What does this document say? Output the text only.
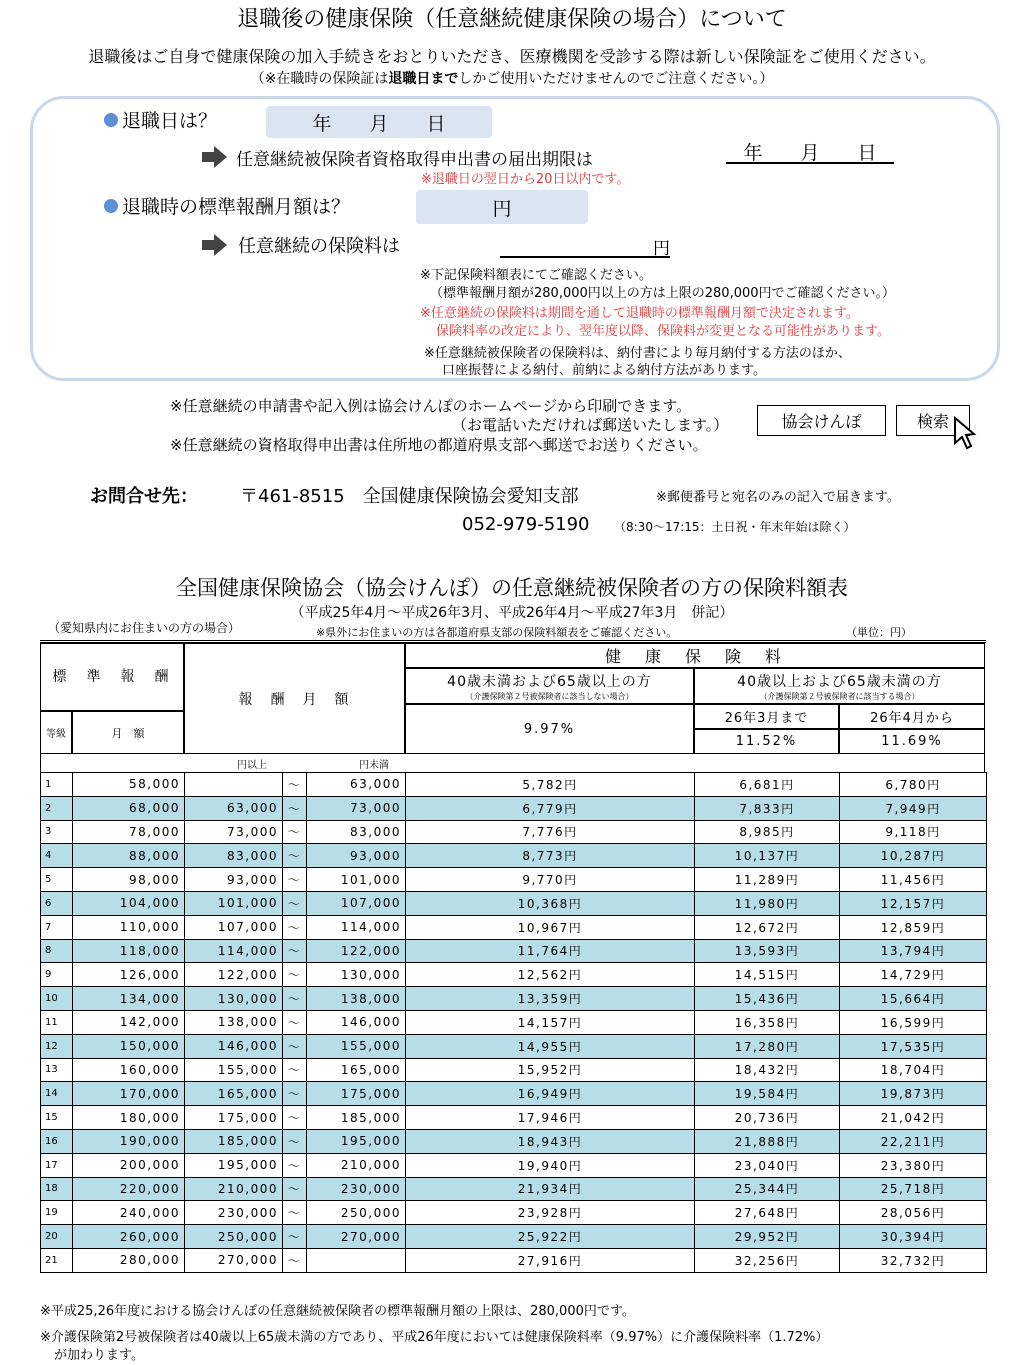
退職後の健康保険（任意継続健康保険の場合）について
退職後はご自身で健康保険の加入手続きをおとりいただき、医療機関を受診する際は新しい保険証をご使用ください。
（※在職時の保険証は退職日までしかご使用いただけませんのでご注意ください。）
退職日は？	年　　月　　日
任意継続被保険者資格取得申出書の届出期限は	年　　月　　日
※退職日の翌日から20日以内です。
退職時の標準報酬月額は？	円
任意継続の保険料は	円
※下記保険料額表にてご確認ください。
（標準報酬月額が280,000円以上の方は上限の280,000円でご確認ください。）
※任意継続の保険料は期間を通して退職時の標準報酬月額で決定されます。
保険料率の改定により、翌年度以降、保険料が変更となる可能性があります。
※任意継続被保険者の保険料は、納付書により毎月納付する方法のほか、
口座振替による納付、前納による納付方法があります。
※任意継続の申請書や記入例は協会けんぽのホームページから印刷できます。
（お電話いただければ郵送いたします。）
※任意継続の資格取得申出書は住所地の都道府県支部へ郵送でお送りください。
協会けんぽ	検索
お問合せ先： 〒461-8515　全国健康保険協会愛知支部	※郵便番号と宛名のみの記入で届きます。
052-979-5190 （8:30～17:15：土日祝・年末年始は除く）
全国健康保険協会（協会けんぽ）の任意継続被保険者の方の保険料額表
（平成25年4月～平成26年3月、平成26年4月～平成27年3月　併記）
（愛知県内にお住まいの方の場合）	※県外にお住まいの方は各都道府県支部の保険料額表をご確認ください。	（単位：円）
標　準　報　酬
等級	月　額
報　酬　月　額
健　康　保　険　料
40歳未満および65歳以上の方
（介護保険第２号被保険者に該当しない場合）
40歳以上および65歳未満の方
（介護保険第２号被保険者に該当する場合）
9.97%
26年3月まで	26年4月から
11.52%	11.69%
円以上	円未満
1	58,000		～	63,000	5,782円	6,681円	6,780円
2	68,000	63,000	～	73,000	6,779円	7,833円	7,949円
3	78,000	73,000	～	83,000	7,776円	8,985円	9,118円
4	88,000	83,000	～	93,000	8,773円	10,137円	10,287円
5	98,000	93,000	～	101,000	9,770円	11,289円	11,456円
6	104,000	101,000	～	107,000	10,368円	11,980円	12,157円
7	110,000	107,000	～	114,000	10,967円	12,672円	12,859円
8	118,000	114,000	～	122,000	11,764円	13,593円	13,794円
9	126,000	122,000	～	130,000	12,562円	14,515円	14,729円
10	134,000	130,000	～	138,000	13,359円	15,436円	15,664円
11	142,000	138,000	～	146,000	14,157円	16,358円	16,599円
12	150,000	146,000	～	155,000	14,955円	17,280円	17,535円
13	160,000	155,000	～	165,000	15,952円	18,432円	18,704円
14	170,000	165,000	～	175,000	16,949円	19,584円	19,873円
15	180,000	175,000	～	185,000	17,946円	20,736円	21,042円
16	190,000	185,000	～	195,000	18,943円	21,888円	22,211円
17	200,000	195,000	～	210,000	19,940円	23,040円	23,380円
18	220,000	210,000	～	230,000	21,934円	25,344円	25,718円
19	240,000	230,000	～	250,000	23,928円	27,648円	28,056円
20	260,000	250,000	～	270,000	25,922円	29,952円	30,394円
21	280,000	270,000	～		27,916円	32,256円	32,732円
※平成25,26年度における協会けんぽの任意継続被保険者の標準報酬月額の上限は、280,000円です。
※介護保険第2号被保険者は40歳以上65歳未満の方であり、平成26年度においては健康保険料率（9.97%）に介護保険料率（1.72%）
が加わります。
